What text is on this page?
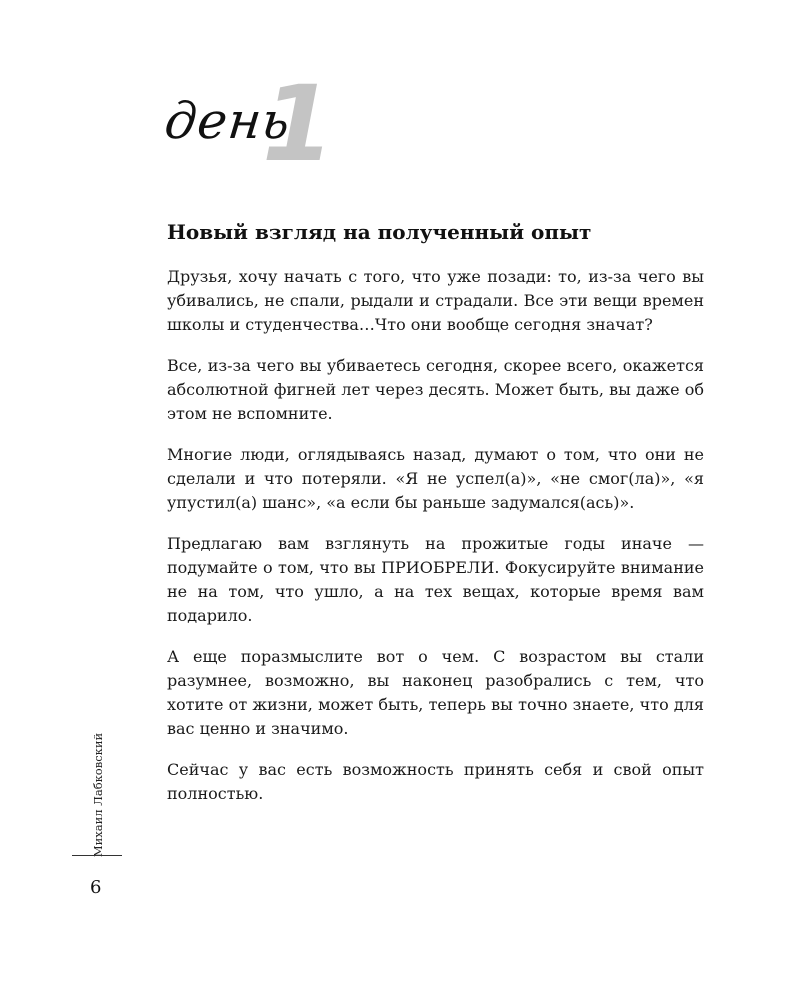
день
1
Новый взгляд на полученный опыт

Друзья, хочу начать с того, что уже позади: то, из-за чего вы убивались, не спали, рыдали и страдали. Все эти вещи времен школы и студенчества…Что они вообще сегодня значат?

Все, из-за чего вы убиваетесь сегодня, скорее всего, окажется абсолютной фигней лет через десять. Может быть, вы даже об этом не вспомните.

Многие люди, оглядываясь назад, думают о том, что они не сделали и что потеряли. «Я не успел(а)», «не смог(ла)», «я упустил(а) шанс», «а если бы раньше задумался(ась)».

Предлагаю вам взглянуть на прожитые годы иначе — подумайте о том, что вы ПРИОБРЕЛИ. Фокусируйте внимание не на том, что ушло, а на тех вещах, которые время вам подарило.

А еще поразмыслите вот о чем. С возрастом вы стали разумнее, возможно, вы наконец разобрались с тем, что хотите от жизни, может быть, теперь вы точно знаете, что для вас ценно и значимо.

Сейчас у вас есть возможность принять себя и свой опыт полностью.

Михаил Лабковский
6
